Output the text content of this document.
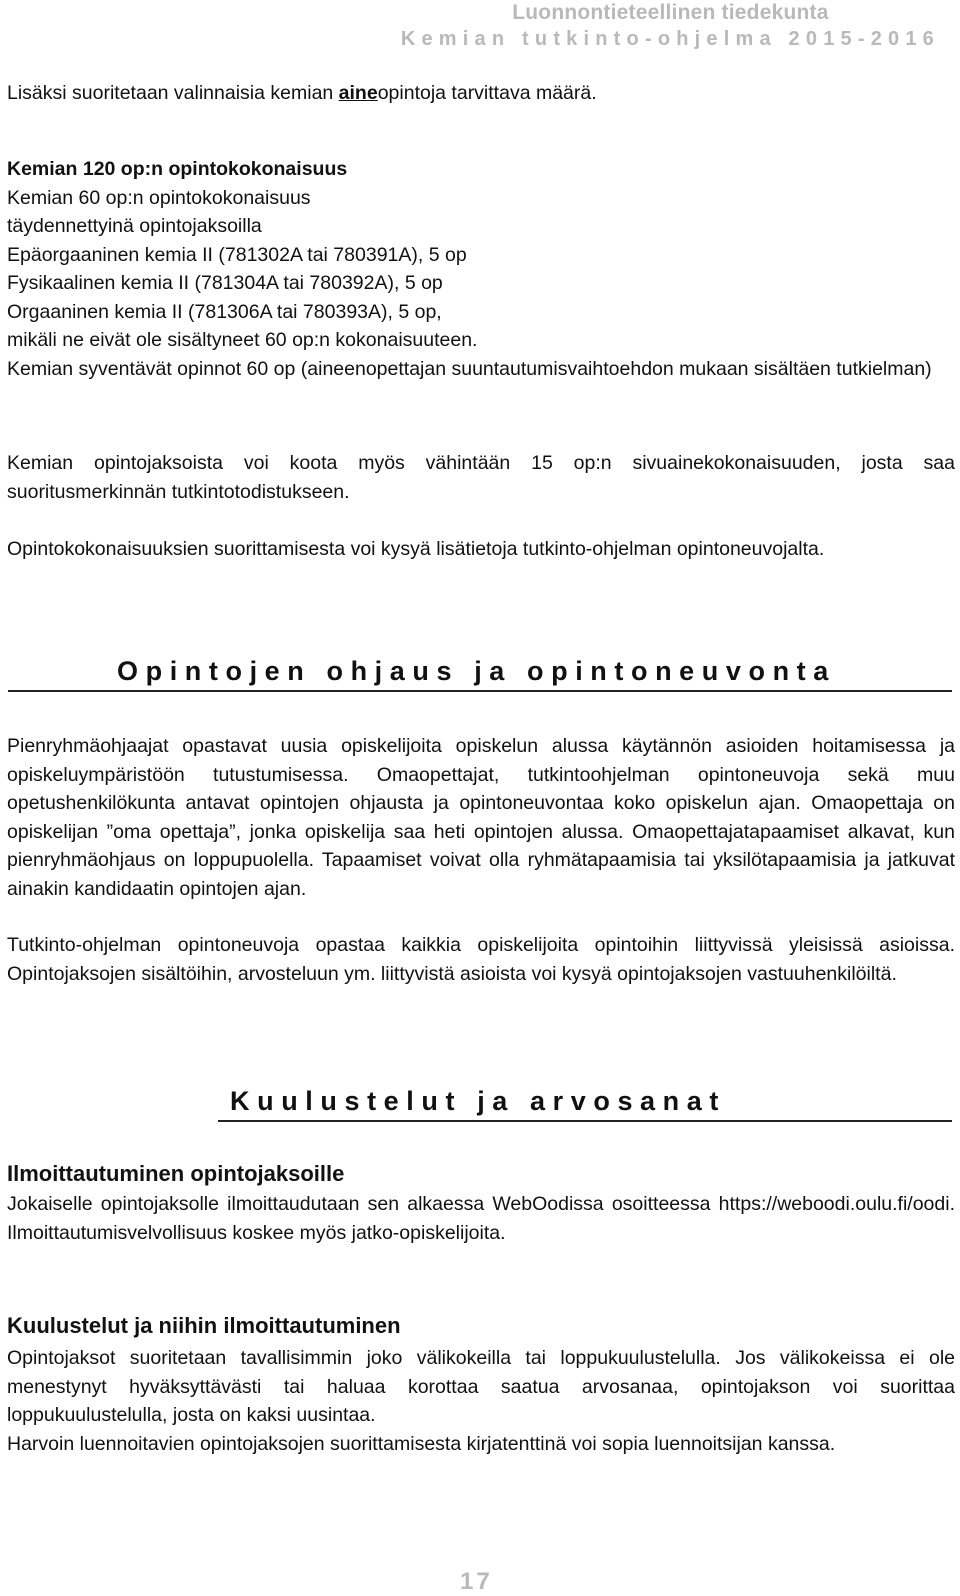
Luonnontieteellinen tiedekunta
Kemian tutkinto-ohjelma 2015-2016

Lisäksi suoritetaan valinnaisia kemian aineopintoja tarvittava määrä.

Kemian 120 op:n opintokokonaisuus
Kemian 60 op:n opintokokonaisuus
täydennettyinä opintojaksoilla
Epäorgaaninen kemia II (781302A tai 780391A), 5 op
Fysikaalinen kemia II (781304A tai 780392A), 5 op
Orgaaninen kemia II (781306A tai 780393A), 5 op,
mikäli ne eivät ole sisältyneet 60 op:n kokonaisuuteen.
Kemian syventävät opinnot 60 op (aineenopettajan suuntautumisvaihtoehdon mukaan sisältäen tutkielman)

Kemian opintojaksoista voi koota myös vähintään 15 op:n sivuainekokonaisuuden, josta saa suoritusmerkinnän tutkintotodistukseen.

Opintokokonaisuuksien suorittamisesta voi kysyä lisätietoja tutkinto-ohjelman opintoneuvojalta.

Opintojen ohjaus ja opintoneuvonta

Pienryhmäohjaajat opastavat uusia opiskelijoita opiskelun alussa käytännön asioiden hoitamisessa ja opiskeluympäristöön tutustumisessa. Omaopettajat, tutkintoohjelman opintoneuvoja sekä muu opetushenkilökunta antavat opintojen ohjausta ja opintoneuvontaa koko opiskelun ajan. Omaopettaja on opiskelijan ”oma opettaja”, jonka opiskelija saa heti opintojen alussa. Omaopettajatapaamiset alkavat, kun pienryhmäohjaus on loppupuolella. Tapaamiset voivat olla ryhmätapaamisia tai yksilötapaamisia ja jatkuvat ainakin kandidaatin opintojen ajan.

Tutkinto-ohjelman opintoneuvoja opastaa kaikkia opiskelijoita opintoihin liittyvissä yleisissä asioissa. Opintojaksojen sisältöihin, arvosteluun ym. liittyvistä asioista voi kysyä opintojaksojen vastuuhenkilöiltä.

Kuulustelut ja arvosanat
Ilmoittautuminen opintojaksoille

Jokaiselle opintojaksolle ilmoittaudutaan sen alkaessa WebOodissa osoitteessa https://weboodi.oulu.fi/oodi. Ilmoittautumisvelvollisuus koskee myös jatko-opiskelijoita.

Kuulustelut ja niihin ilmoittautuminen

Opintojaksot suoritetaan tavallisimmin joko välikokeilla tai loppukuulustelulla. Jos välikokeissa ei ole menestynyt hyväksyttävästi tai haluaa korottaa saatua arvosanaa, opintojakson voi suorittaa loppukuulustelulla, josta on kaksi uusintaa.

Harvoin luennoitavien opintojaksojen suorittamisesta kirjatenttinä voi sopia luennoitsijan kanssa.

17
